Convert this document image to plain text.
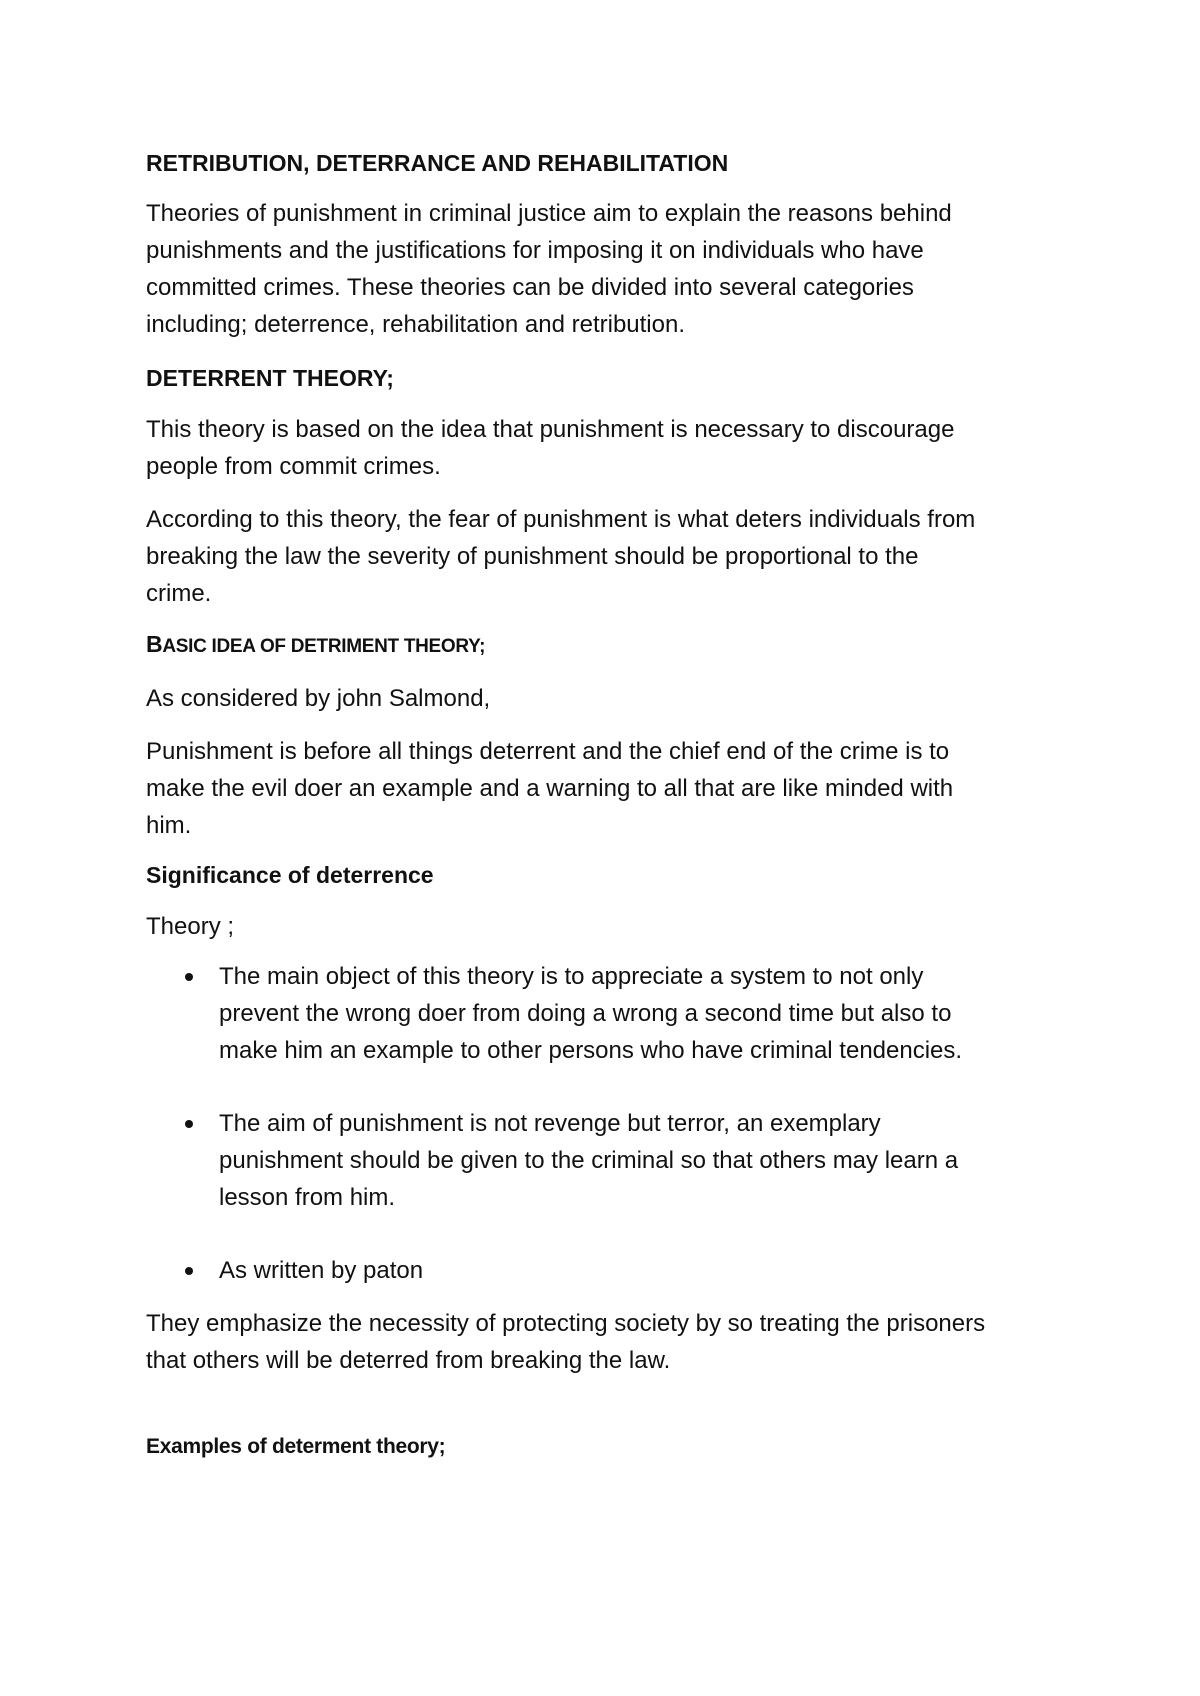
RETRIBUTION, DETERRANCE AND REHABILITATION

Theories of punishment in criminal justice aim to explain the reasons behind

punishments and the justifications for imposing it on individuals who have

committed crimes. These theories can be divided into several categories

including; deterrence, rehabilitation and retribution.

DETERRENT THEORY;

This theory is based on the idea that punishment is necessary to discourage

people from commit crimes.

According to this theory, the fear of punishment is what deters individuals from

breaking the law the severity of punishment should be proportional to the

crime.

BASIC IDEA OF DETRIMENT THEORY;

As considered by john Salmond,

Punishment is before all things deterrent and the chief end of the crime is to

make the evil doer an example and a warning to all that are like minded with

him.

Significance of deterrence

Theory ;

The main object of this theory is to appreciate a system to not only
prevent the wrong doer from doing a wrong a second time but also to
make him an example to other persons who have criminal tendencies.
The aim of punishment is not revenge but terror, an exemplary
punishment should be given to the criminal so that others may learn a
lesson from him.
As written by paton

They emphasize the necessity of protecting society by so treating the prisoners

that others will be deterred from breaking the law.

Examples of determent theory;
